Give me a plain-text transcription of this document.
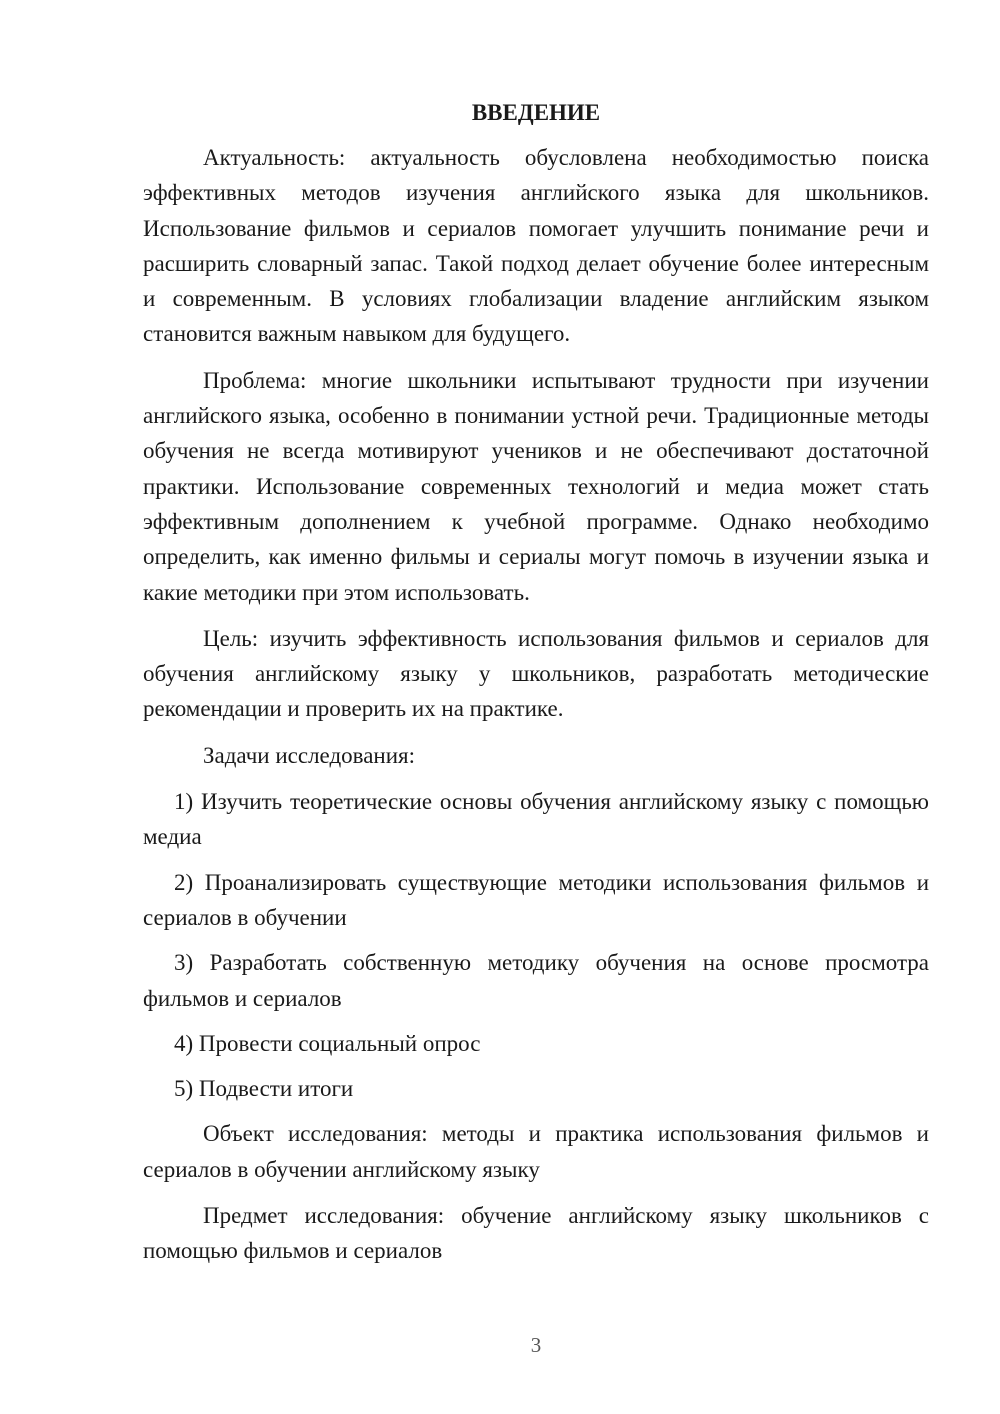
ВВЕДЕНИЕ

Актуальность: актуальность обусловлена необходимостью поиска эффективных методов изучения английского языка для школьников. Использование фильмов и сериалов помогает улучшить понимание речи и расширить словарный запас. Такой подход делает обучение более интересным и современным. В условиях глобализации владение английским языком становится важным навыком для будущего.

Проблема: многие школьники испытывают трудности при изучении английского языка, особенно в понимании устной речи. Традиционные методы обучения не всегда мотивируют учеников и не обеспечивают достаточной практики. Использование современных технологий и медиа может стать эффективным дополнением к учебной программе. Однако необходимо определить, как именно фильмы и сериалы могут помочь в изучении языка и какие методики при этом использовать.

Цель: изучить эффективность использования фильмов и сериалов для обучения английскому языку у школьников, разработать методические рекомендации и проверить их на практике.

Задачи исследования:

1) Изучить теоретические основы обучения английскому языку с помощью медиа

2) Проанализировать существующие методики использования фильмов и сериалов в обучении

3) Разработать собственную методику обучения на основе просмотра фильмов и сериалов

4) Провести социальный опрос

5) Подвести итоги

Объект исследования: методы и практика использования фильмов и сериалов в обучении английскому языку

Предмет исследования: обучение английскому языку школьников с помощью фильмов и сериалов

3
